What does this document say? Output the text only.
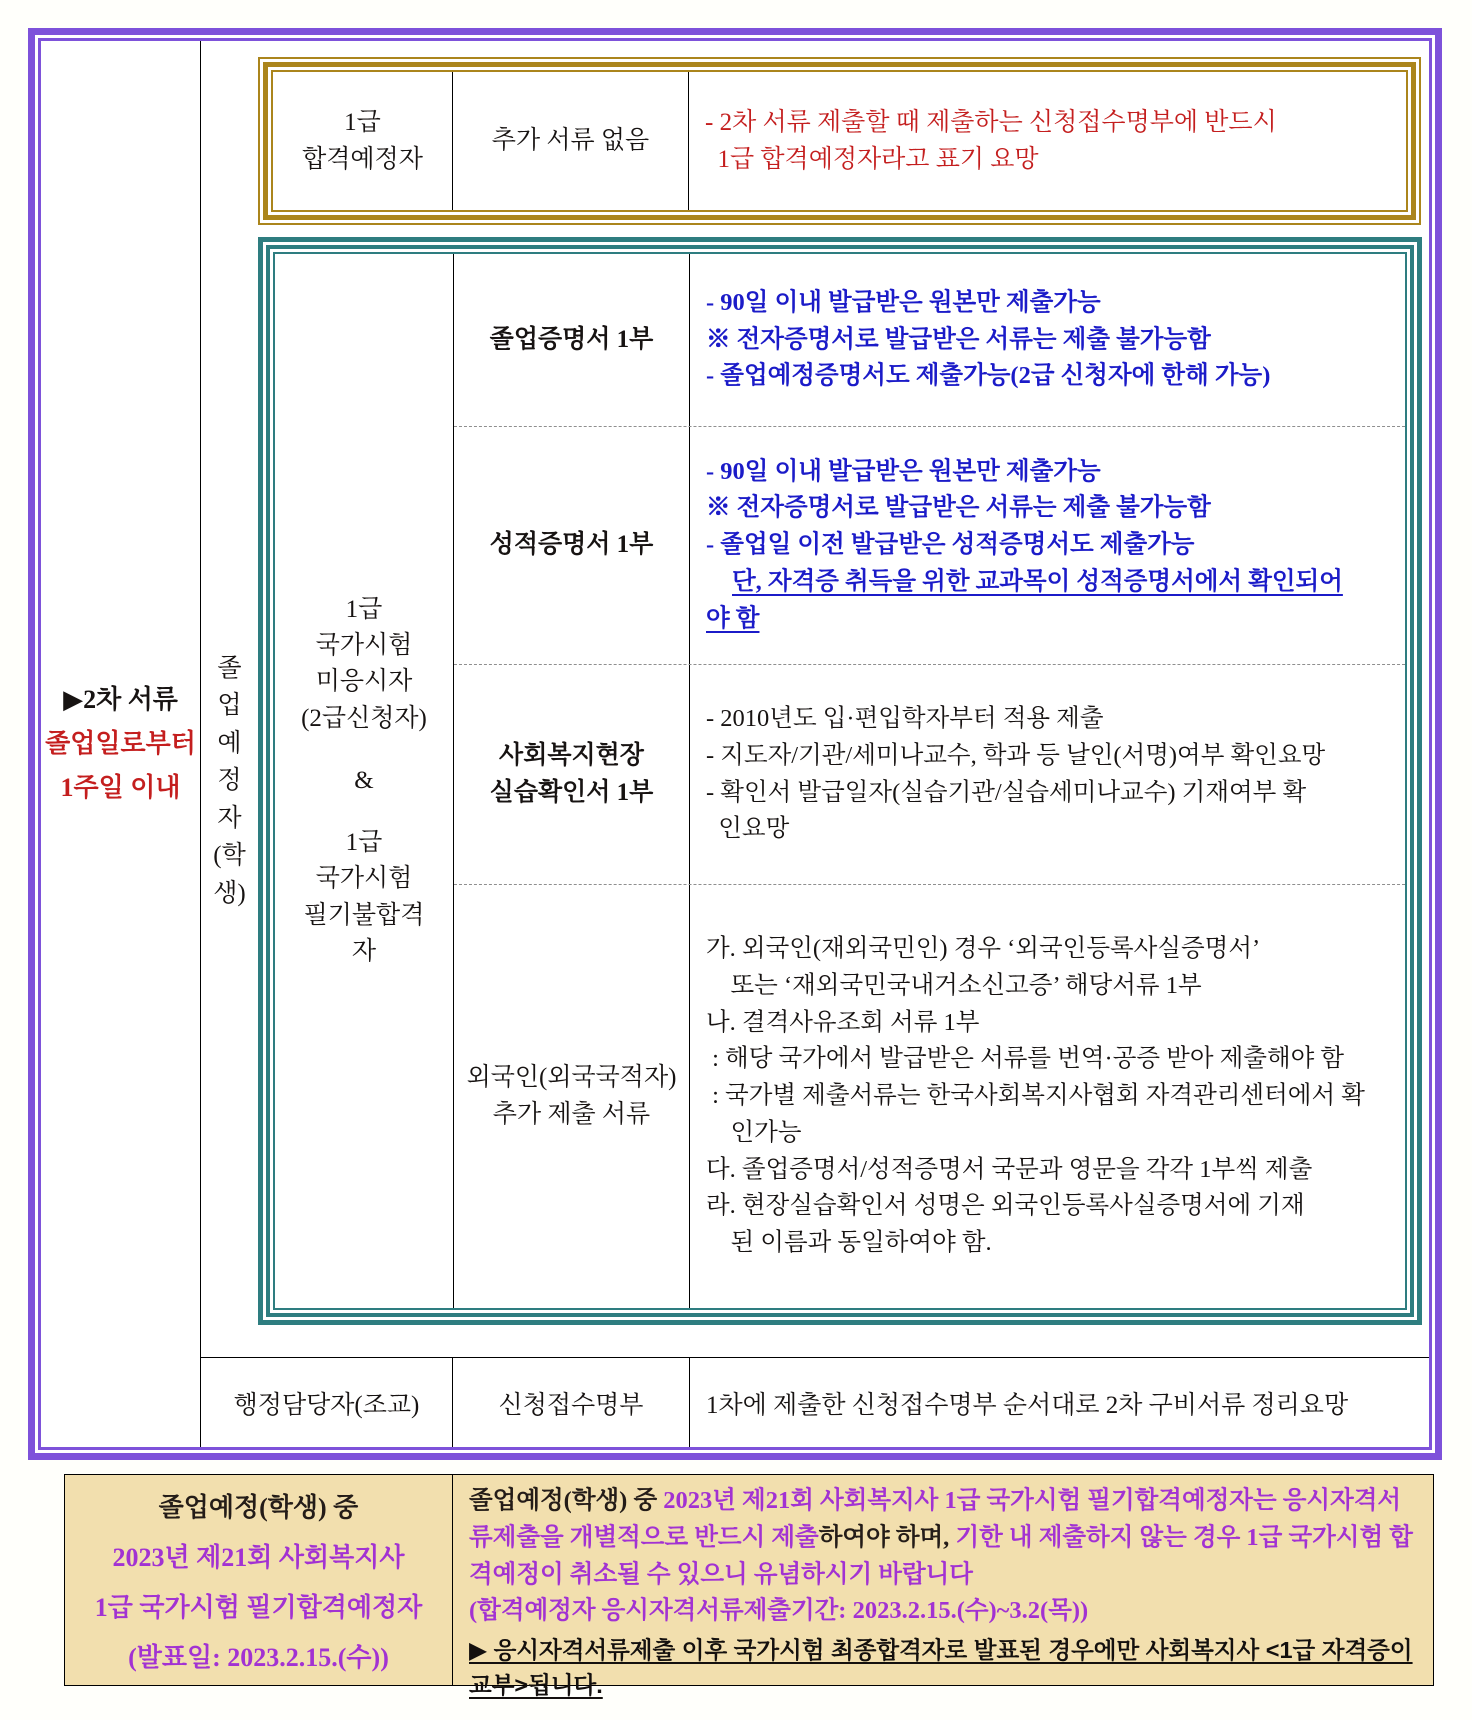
▶2차 서류
졸업일로부터
1주일 이내
1급
합격예정자
추가 서류 없음
- 2차 서류 제출할 때 제출하는 신청접수명부에 반드시
1급 합격예정자라고 표기 요망
졸
업
예
정
자
(학
생)
1급
국가시험
미응시자
(2급신청자)
&
1급
국가시험
필기불합격
자
졸업증명서 1부
- 90일 이내 발급받은 원본만 제출가능
※ 전자증명서로 발급받은 서류는 제출 불가능함
- 졸업예정증명서도 제출가능(2급 신청자에 한해 가능)
성적증명서 1부
- 90일 이내 발급받은 원본만 제출가능
※ 전자증명서로 발급받은 서류는 제출 불가능함
- 졸업일 이전 발급받은 성적증명서도 제출가능
단, 자격증 취득을 위한 교과목이 성적증명서에서 확인되어
야 함
사회복지현장
실습확인서 1부
- 2010년도 입·편입학자부터 적용 제출
- 지도자/기관/세미나교수, 학과 등 날인(서명)여부 확인요망
- 확인서 발급일자(실습기관/실습세미나교수) 기재여부 확
인요망
외국인(외국국적자)
추가 제출 서류
가. 외국인(재외국민인) 경우 ‘외국인등록사실증명서’
또는 ‘재외국민국내거소신고증’ 해당서류 1부
나. 결격사유조회 서류 1부
: 해당 국가에서 발급받은 서류를 번역·공증 받아 제출해야 함
: 국가별 제출서류는 한국사회복지사협회 자격관리센터에서 확
인가능
다. 졸업증명서/성적증명서 국문과 영문을 각각 1부씩 제출
라. 현장실습확인서 성명은 외국인등록사실증명서에 기재
된 이름과 동일하여야 함.
행정담당자(조교)	신청접수명부	1차에 제출한 신청접수명부 순서대로 2차 구비서류 정리요망
졸업예정(학생) 중
2023년 제21회 사회복지사
1급 국가시험 필기합격예정자
(발표일: 2023.2.15.(수))

졸업예정(학생) 중 2023년 제21회 사회복지사 1급 국가시험 필기합격예정자는 응시자격서류제출을 개별적으로 반드시 제출하여야 하며, 기한 내 제출하지 않는 경우 1급 국가시험 합격예정이 취소될 수 있으니 유념하시기 바랍니다

(합격예정자 응시자격서류제출기간: 2023.2.15.(수)~3.2(목))
▶ 응시자격서류제출 이후 국가시험 최종합격자로 발표된 경우에만 사회복지사 <1급 자격증이 교부>됩니다.
